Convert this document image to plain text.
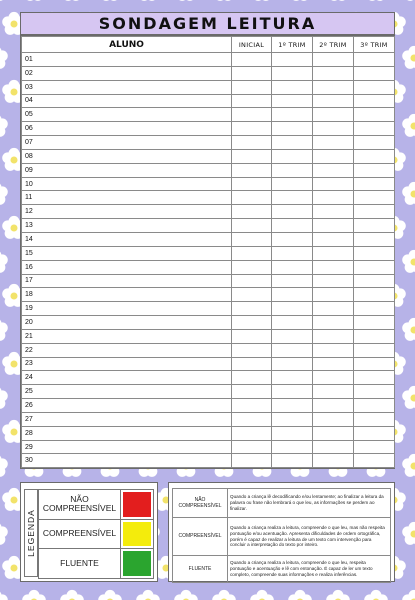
SONDAGEM LEITURA
ALUNO	INICIAL	1º TRIM	2º TRIM	3º TRIM
01				
02				
03				
04				
05				
06				
07				
08				
09				
10				
11				
12				
13				
14				
15				
16				
17				
18				
19				
20				
21				
22				
23				
24				
25				
26				
27				
28				
29				
30				
LEGENDA
NÃO COMPREENSÍVEL
COMPREENSÍVEL
FLUENTE
NÃO COMPREENSÍVEL	Quando a criança lê decodificando e/ou lentamente; ao finalizar a leitura da palavra ou frase não lembrará o que leu, as informações se perdem ao finalizar.
COMPREENSÍVEL	Quando a criança realiza a leitura, compreende o que leu, mas não respeita pontuação e/ou acentuação. Apresenta dificuldades de ordem ortográfica, porém é capaz de realizar a leitura de um texto com intervenção para concluir a interpretação do texto por inteiro.
FLUENTE	Quando a criança realiza a leitura, compreende o que leu, respeita pontuação e acentuação e lê com entonação. É capaz de ler um texto completo, compreende suas informações e realiza inferências.
